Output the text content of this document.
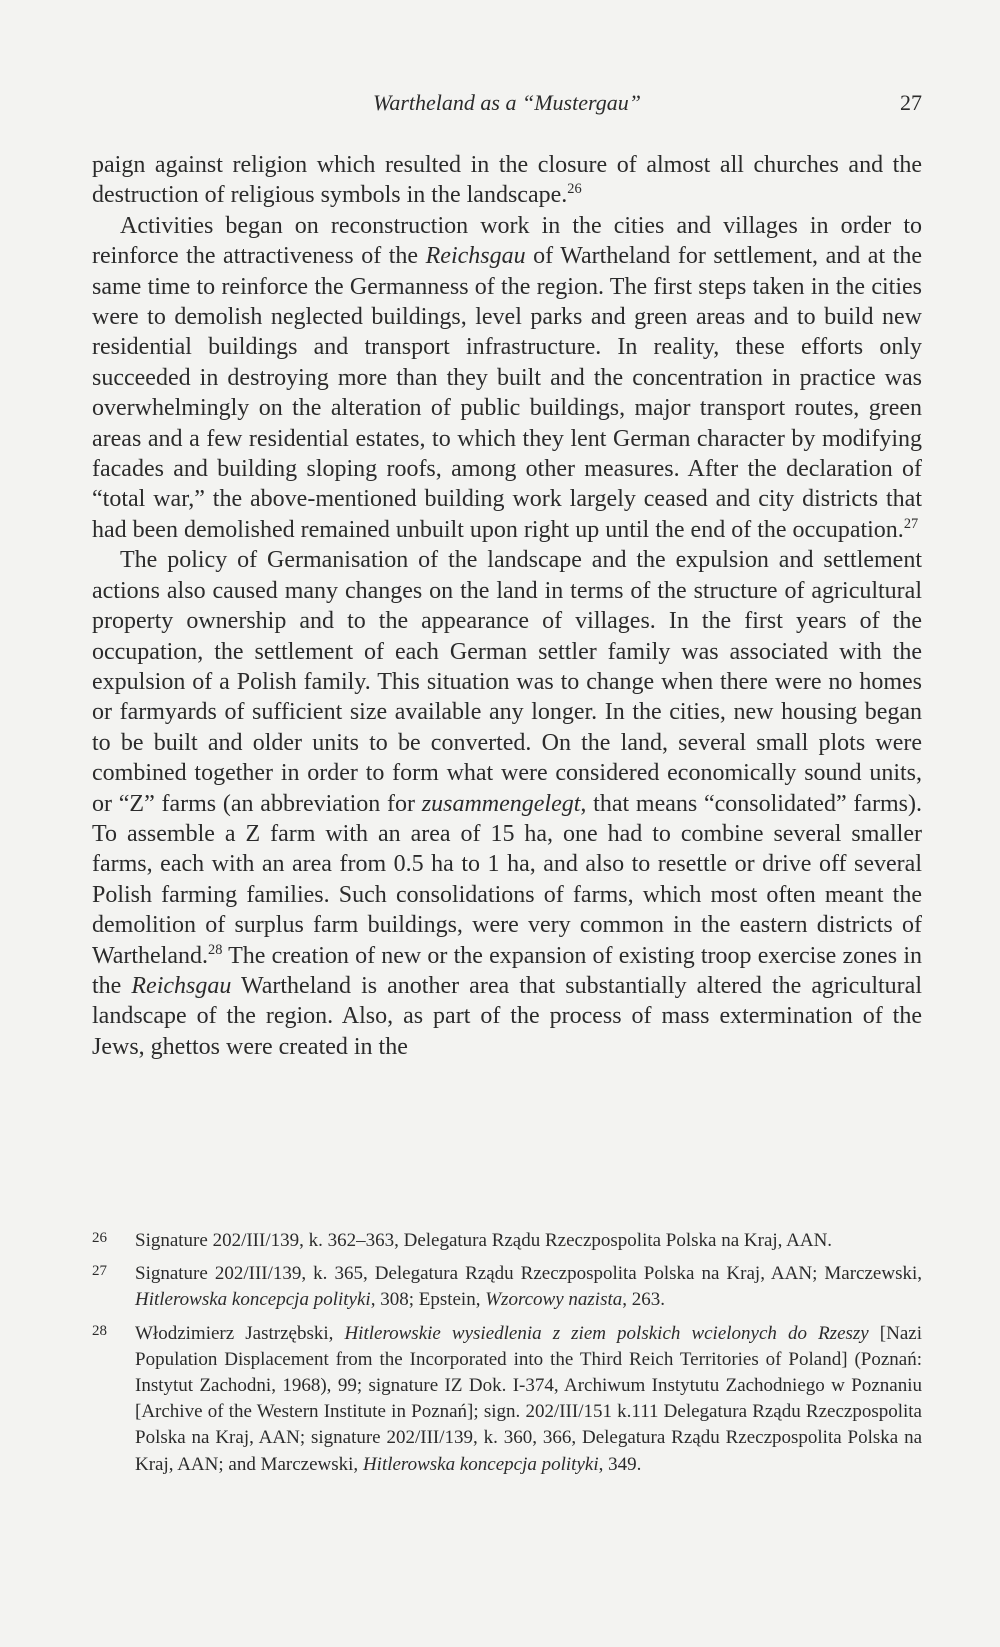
Wartheland as a “Mustergau”	27

paign against religion which resulted in the closure of almost all churches and the destruction of religious symbols in the landscape.$^{26}$

Activities began on reconstruction work in the cities and villages in order to reinforce the attractiveness of the Reichsgau of Wartheland for settlement, and at the same time to reinforce the Germanness of the region. The first steps taken in the cities were to demolish neglected buildings, level parks and green areas and to build new residential buildings and transport infrastructure. In reality, these efforts only succeeded in destroying more than they built and the concentration in practice was overwhelmingly on the alteration of public buildings, major transport routes, green areas and a few residential estates, to which they lent German character by modifying facades and building sloping roofs, among other measures. After the declaration of “total war,” the above-mentioned building work largely ceased and city districts that had been demolished remained unbuilt upon right up until the end of the occupation.$^{27}$

The policy of Germanisation of the landscape and the expulsion and settlement actions also caused many changes on the land in terms of the structure of agricultural property ownership and to the appearance of villages. In the first years of the occupation, the settlement of each German settler family was associated with the expulsion of a Polish family. This situation was to change when there were no homes or farmyards of sufficient size available any longer. In the cities, new housing began to be built and older units to be converted. On the land, several small plots were combined together in order to form what were considered economically sound units, or “Z” farms (an abbreviation for zusammengelegt, that means “consolidated” farms). To assemble a Z farm with an area of 15 ha, one had to combine several smaller farms, each with an area from 0.5 ha to 1 ha, and also to resettle or drive off several Polish farming families. Such consolidations of farms, which most often meant the demolition of surplus farm buildings, were very common in the eastern districts of Wartheland.$^{28}$ The creation of new or the expansion of existing troop exercise zones in the Reichsgau Wartheland is another area that substantially altered the agricultural landscape of the region. Also, as part of the process of mass extermination of the Jews, ghettos were created in the

26 Signature 202/III/139, k. 362–363, Delegatura Rządu Rzeczpospolita Polska na Kraj, AAN.
27 Signature 202/III/139, k. 365, Delegatura Rządu Rzeczpospolita Polska na Kraj, AAN; Marczewski, Hitlerowska koncepcja polityki, 308; Epstein, Wzorcowy nazista, 263.
28 Włodzimierz Jastrzębski, Hitlerowskie wysiedlenia z ziem polskich wcielonych do Rzeszy [Nazi Population Displacement from the Incorporated into the Third Reich Territories of Poland] (Poznań: Instytut Zachodni, 1968), 99; signature IZ Dok. I-374, Archiwum Instytutu Zachodniego w Poznaniu [Archive of the Western Institute in Poznań]; sign. 202/III/151 k.111 Delegatura Rządu Rzeczpospolita Polska na Kraj, AAN; signature 202/III/139, k. 360, 366, Delegatura Rządu Rzeczpospolita Polska na Kraj, AAN; and Marczewski, Hitlerowska koncepcja polityki, 349.
